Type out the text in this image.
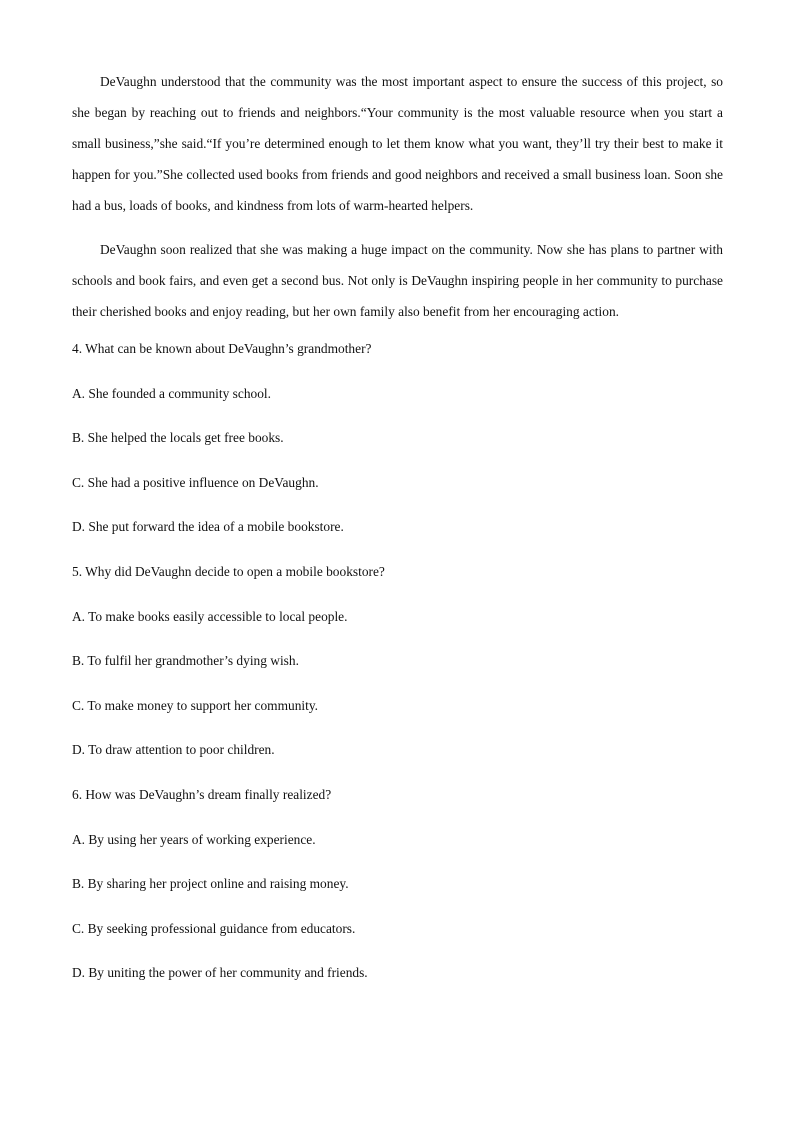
DeVaughn understood that the community was the most important aspect to ensure the success of this project, so she began by reaching out to friends and neighbors.“Your community is the most valuable resource when you start a small business,”she said.“If you’re determined enough to let them know what you want, they’ll try their best to make it happen for you.”She collected used books from friends and good neighbors and received a small business loan. Soon she had a bus, loads of books, and kindness from lots of warm-hearted helpers.

DeVaughn soon realized that she was making a huge impact on the community. Now she has plans to partner with schools and book fairs, and even get a second bus. Not only is DeVaughn inspiring people in her community to purchase their cherished books and enjoy reading, but her own family also benefit from her encouraging action.

4. What can be known about DeVaughn’s grandmother?

A. She founded a community school.

B. She helped the locals get free books.

C. She had a positive influence on DeVaughn.

D. She put forward the idea of a mobile bookstore.

5. Why did DeVaughn decide to open a mobile bookstore?

A. To make books easily accessible to local people.

B. To fulfil her grandmother’s dying wish.

C. To make money to support her community.

D. To draw attention to poor children.

6. How was DeVaughn’s dream finally realized?

A. By using her years of working experience.

B. By sharing her project online and raising money.

C. By seeking professional guidance from educators.

D. By uniting the power of her community and friends.
